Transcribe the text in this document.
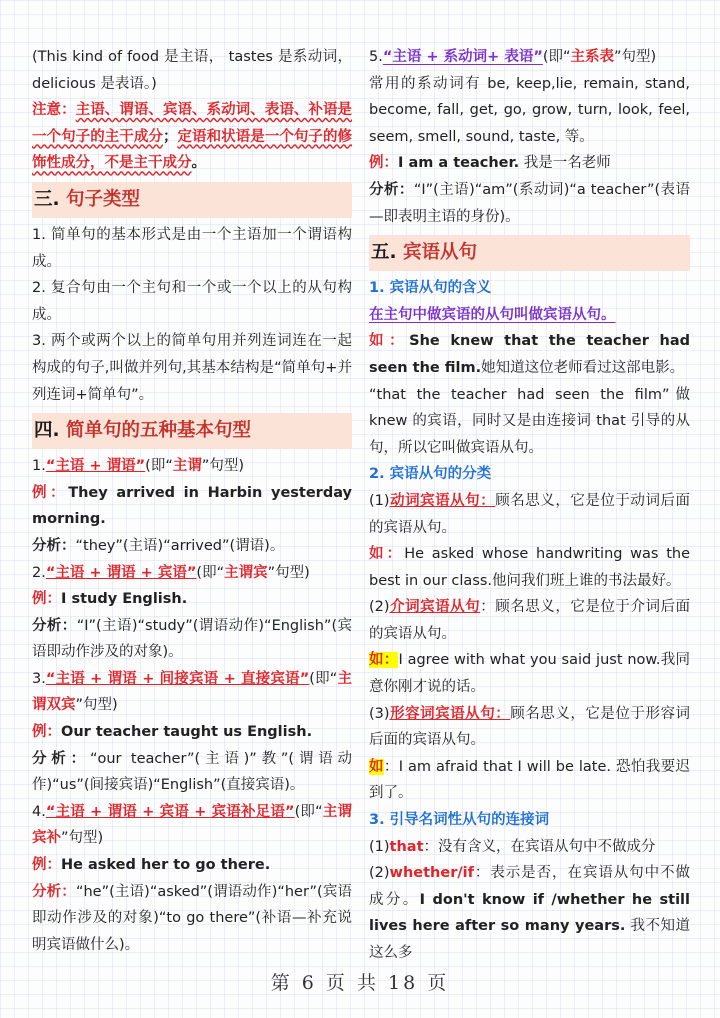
(This kind of food 是主语， tastes 是系动词，delicious 是表语。)

注意：主语、谓语、宾语、系动词、表语、补语是一个句子的主干成分；定语和状语是一个句子的修饰性成分，不是主干成分。

三. 句子类型

1. 简单句的基本形式是由一个主语加一个谓语构成。

2. 复合句由一个主句和一个或一个以上的从句构成。

3. 两个或两个以上的简单句用并列连词连在一起构成的句子,叫做并列句,其基本结构是“简单句+并列连词+简单句”。

四. 简单句的五种基本句型

1.“主语 + 谓语”(即“主谓”句型)

例：They arrived in Harbin yesterday morning.

分析：“they”(主语)“arrived”(谓语)。

2.“主语 + 谓语 + 宾语”(即“主谓宾”句型)

例：I study English.

分析：“I”(主语)“study”(谓语动作)“English”(宾语即动作涉及的对象)。

3.“主语 + 谓语 + 间接宾语 + 直接宾语”(即“主谓双宾”句型)

例：Our teacher taught us English.

分析：“our teacher”(主语)”教”(谓语动作)“us”(间接宾语)“English”(直接宾语)。

4.“主语 + 谓语 + 宾语 + 宾语补足语”(即“主谓宾补”句型)

例：He asked her to go there.

分析：“he”(主语)“asked”(谓语动作)“her”(宾语即动作涉及的对象)“to go there”(补语—补充说明宾语做什么)。

5.“主语 + 系动词+ 表语”(即“主系表”句型)

常用的系动词有 be, keep,lie, remain, stand, become, fall, get, go, grow, turn, look, feel, seem, smell, sound, taste, 等。

例：I am a teacher. 我是一名老师

分析：“I”(主语)“am”(系动词)“a teacher”(表语—即表明主语的身份)。

五. 宾语从句

1. 宾语从句的含义

在主句中做宾语的从句叫做宾语从句。

如：She knew that the teacher had seen the film.她知道这位老师看过这部电影。

“that the teacher had seen the film”做 knew 的宾语，同时又是由连接词 that 引导的从句，所以它叫做宾语从句。

2. 宾语从句的分类

(1)动词宾语从句：顾名思义，它是位于动词后面的宾语从句。

如：He asked whose handwriting was the best in our class.他问我们班上谁的书法最好。

(2)介词宾语从句：顾名思义，它是位于介词后面的宾语从句。

如：I agree with what you said just now.我同意你刚才说的话。

(3)形容词宾语从句：顾名思义，它是位于形容词后面的宾语从句。

如：I am afraid that I will be late. 恐怕我要迟到了。

3. 引导名词性从句的连接词

(1)that：没有含义，在宾语从句中不做成分

(2)whether/if：表示是否，在宾语从句中不做成分。I don't know if /whether he still lives here after so many years. 我不知道这么多

第 6 页 共 18 页
